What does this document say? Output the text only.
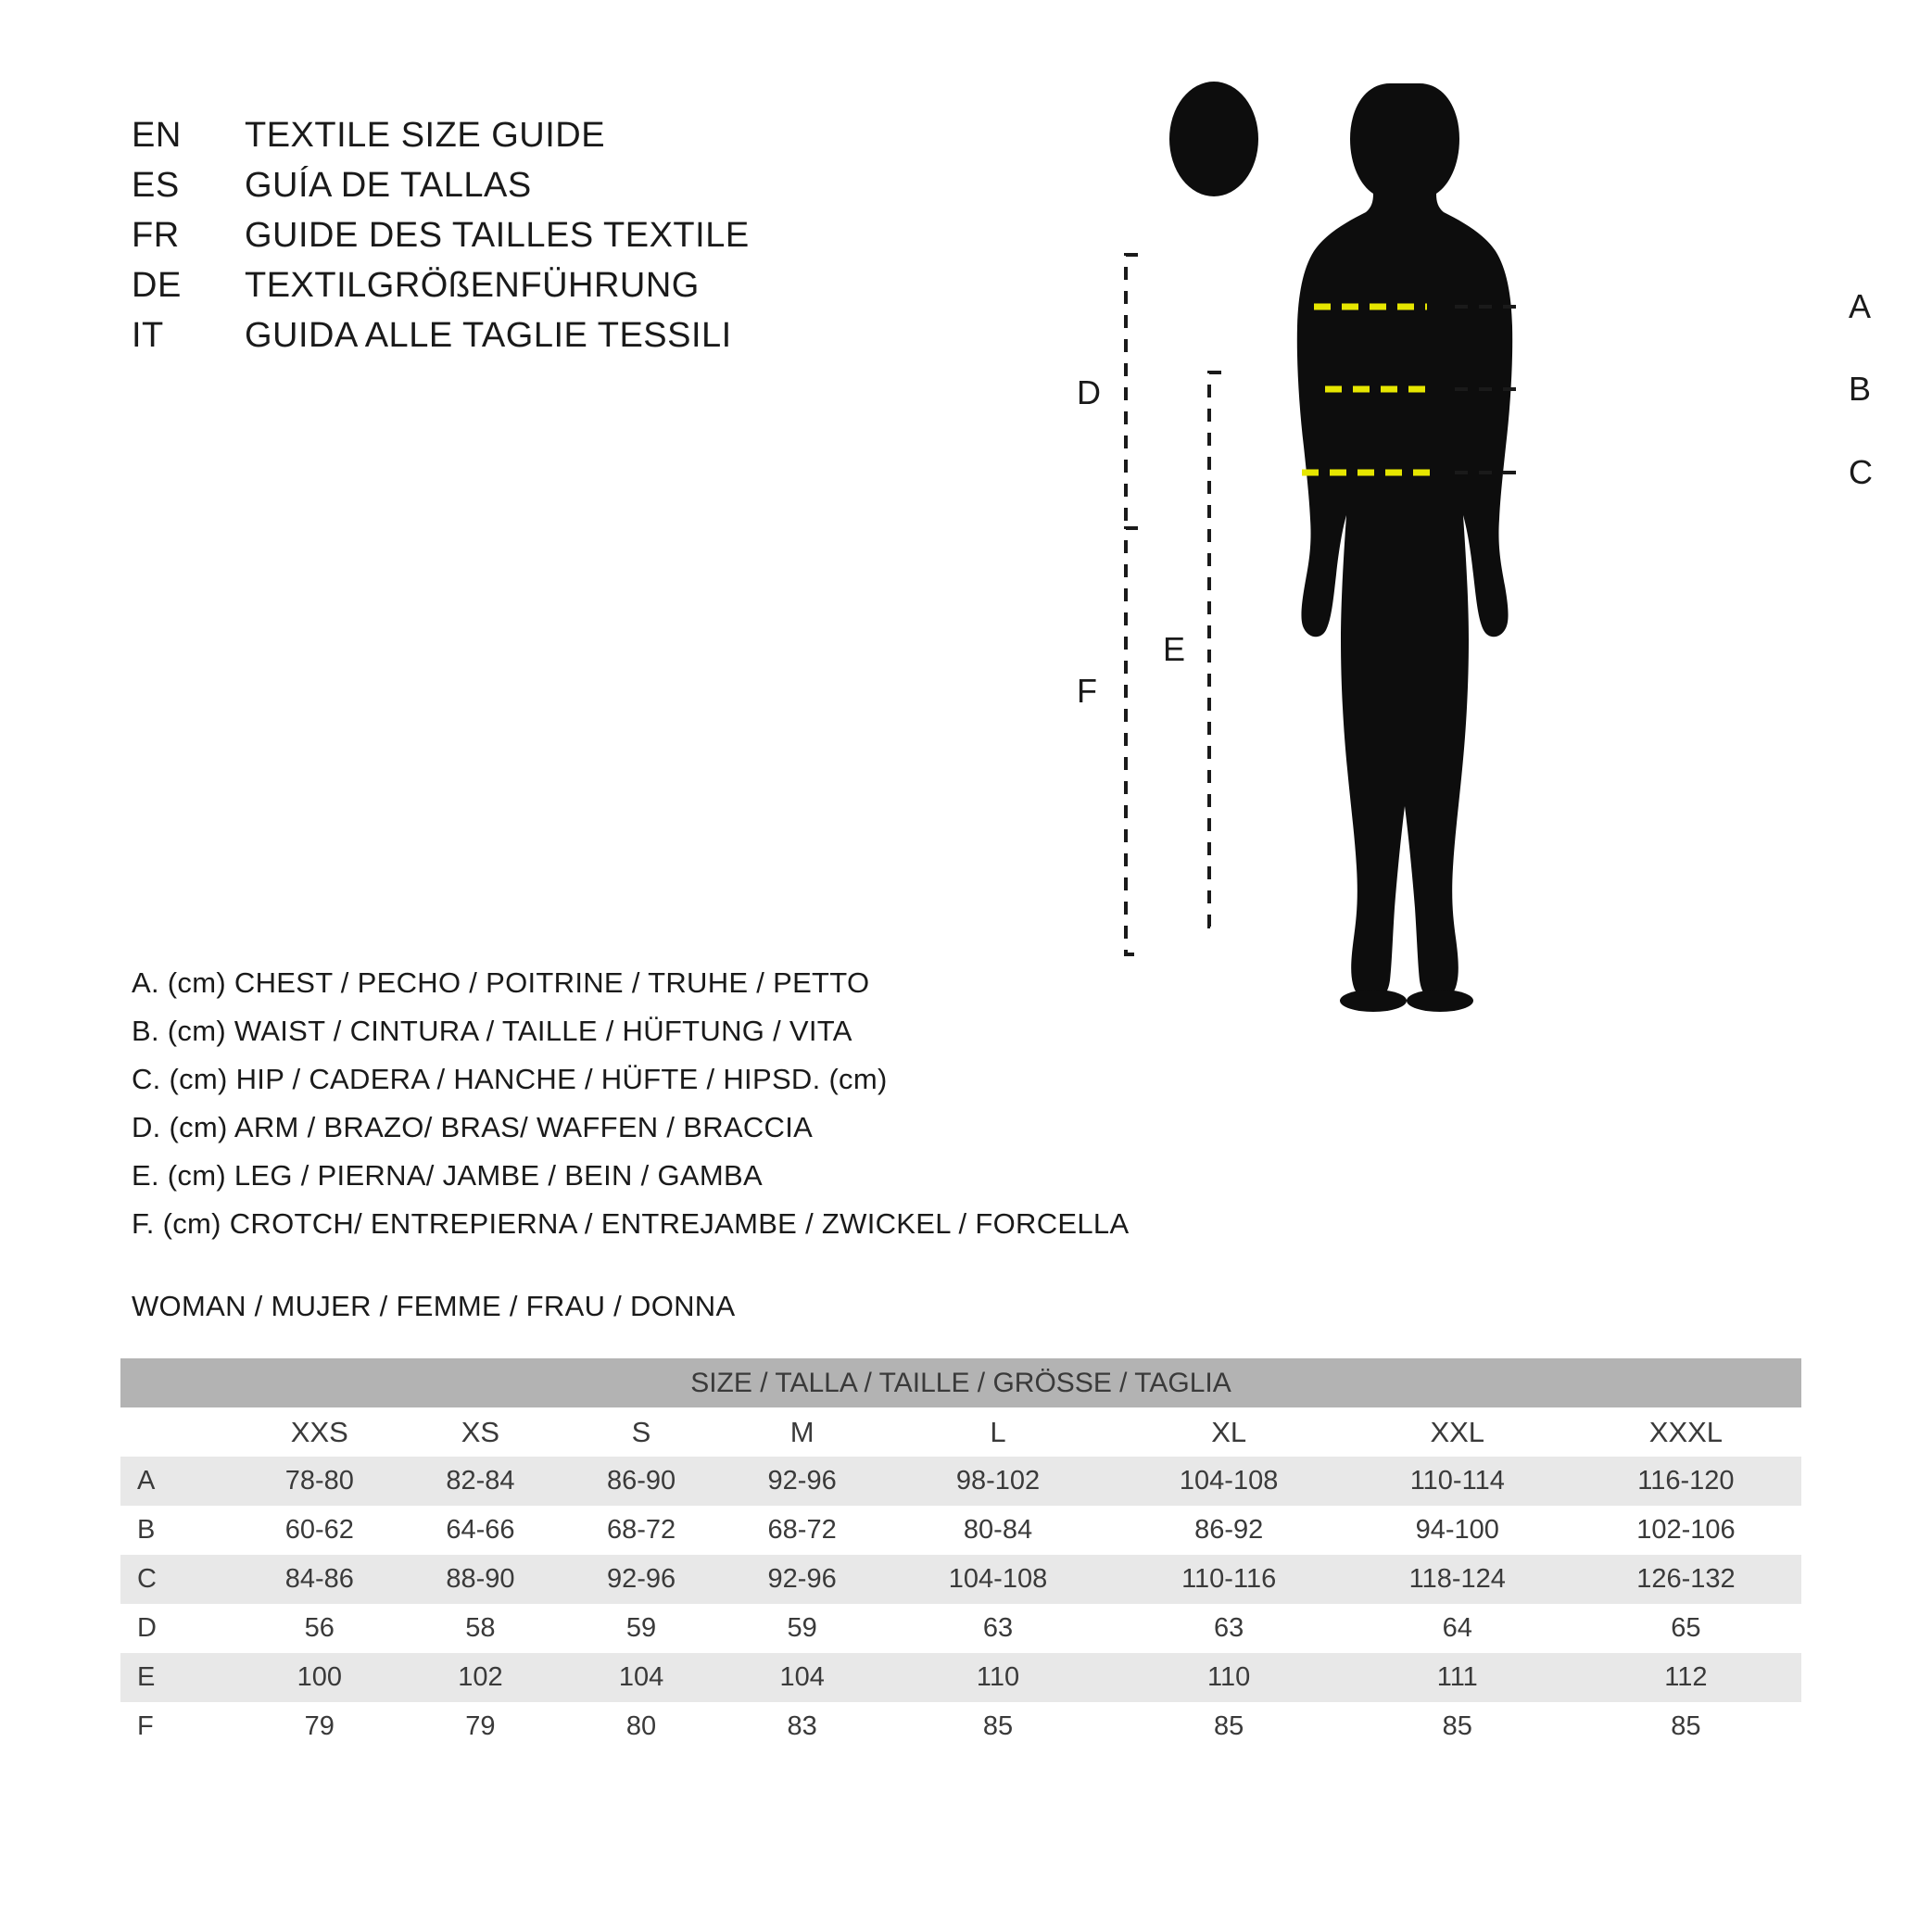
EN	TEXTILE SIZE GUIDE
ES	GUÍA DE TALLAS
FR	GUIDE DES TAILLES TEXTILE
DE	TEXTILGRÖßENFÜHRUNG
IT	GUIDA ALLE TAGLIE TESSILI
A
B
C
D
E
F
A. (cm) CHEST / PECHO / POITRINE / TRUHE / PETTO
B. (cm) WAIST / CINTURA / TAILLE / HÜFTUNG / VITA
C. (cm) HIP / CADERA / HANCHE / HÜFTE / HIPSD. (cm)
D. (cm) ARM / BRAZO/ BRAS/ WAFFEN / BRACCIA
E. (cm) LEG / PIERNA/ JAMBE / BEIN / GAMBA
F. (cm) CROTCH/ ENTREPIERNA / ENTREJAMBE / ZWICKEL / FORCELLA
WOMAN / MUJER / FEMME / FRAU / DONNA
SIZE / TALLA / TAILLE / GRÖSSE / TAGLIA								
	XXS	XS	S	M	L	XL	XXL	XXXL
A	78-80	82-84	86-90	92-96	98-102	104-108	110-114	116-120
B	60-62	64-66	68-72	68-72	80-84	86-92	94-100	102-106
C	84-86	88-90	92-96	92-96	104-108	110-116	118-124	126-132
D	56	58	59	59	63	63	64	65
E	100	102	104	104	110	110	111	112
F	79	79	80	83	85	85	85	85
